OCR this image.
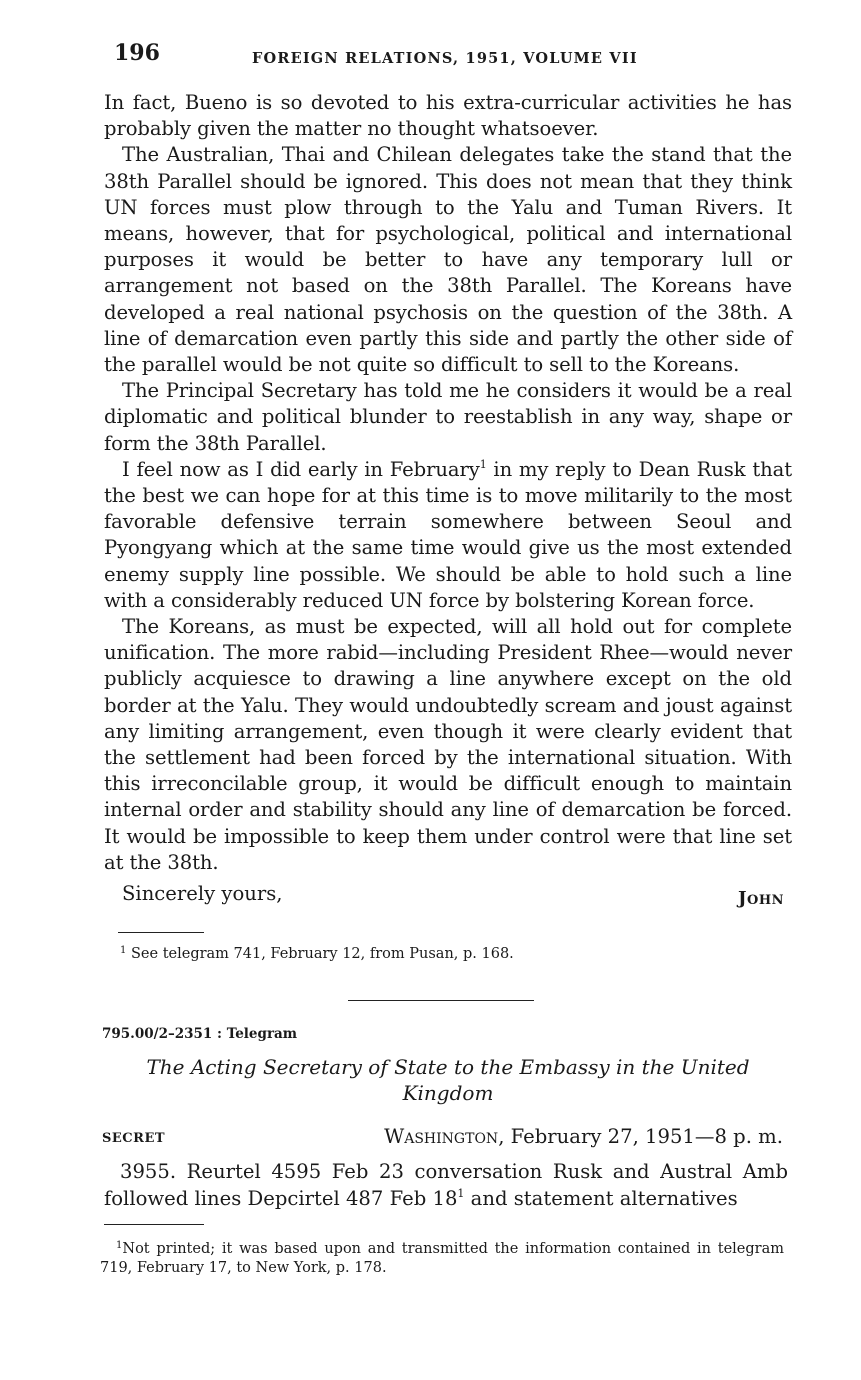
196	FOREIGN RELATIONS, 1951, VOLUME VII

In fact, Bueno is so devoted to his extra-curricular activities he has probably given the matter no thought whatsoever.

The Australian, Thai and Chilean delegates take the stand that the 38th Parallel should be ignored. This does not mean that they think UN forces must plow through to the Yalu and Tuman Rivers. It means, however, that for psychological, political and international purposes it would be better to have any temporary lull or arrangement not based on the 38th Parallel. The Koreans have developed a real national psychosis on the question of the 38th. A line of demarcation even partly this side and partly the other side of the parallel would be not quite so difficult to sell to the Koreans.

The Principal Secretary has told me he considers it would be a real diplomatic and political blunder to reestablish in any way, shape or form the 38th Parallel.

I feel now as I did early in February$^1$ in my reply to Dean Rusk that the best we can hope for at this time is to move militarily to the most favorable defensive terrain somewhere between Seoul and Pyongyang which at the same time would give us the most extended enemy supply line possible. We should be able to hold such a line with a considerably reduced UN force by bolstering Korean force.

The Koreans, as must be expected, will all hold out for complete unification. The more rabid—including President Rhee—would never publicly acquiesce to drawing a line anywhere except on the old border at the Yalu. They would undoubtedly scream and joust against any limiting arrangement, even though it were clearly evident that the settlement had been forced by the international situation. With this irreconcilable group, it would be difficult enough to maintain internal order and stability should any line of demarcation be forced. It would be impossible to keep them under control were that line set at the 38th.

Sincerely yours,	John
$^1$ See telegram 741, February 12, from Pusan, p. 168.
795.00/2–2351 : Telegram
The Acting Secretary of State to the Embassy in the United
Kingdom
SECRET	Washington, February 27, 1951—8 p. m.

3955. Reurtel 4595 Feb 23 conversation Rusk and Austral Amb followed lines Depcirtel 487 Feb $18^1$ and statement alternatives

$^1$Not printed; it was based upon and transmitted the information contained in telegram 719, February 17, to New York, p. 178.
